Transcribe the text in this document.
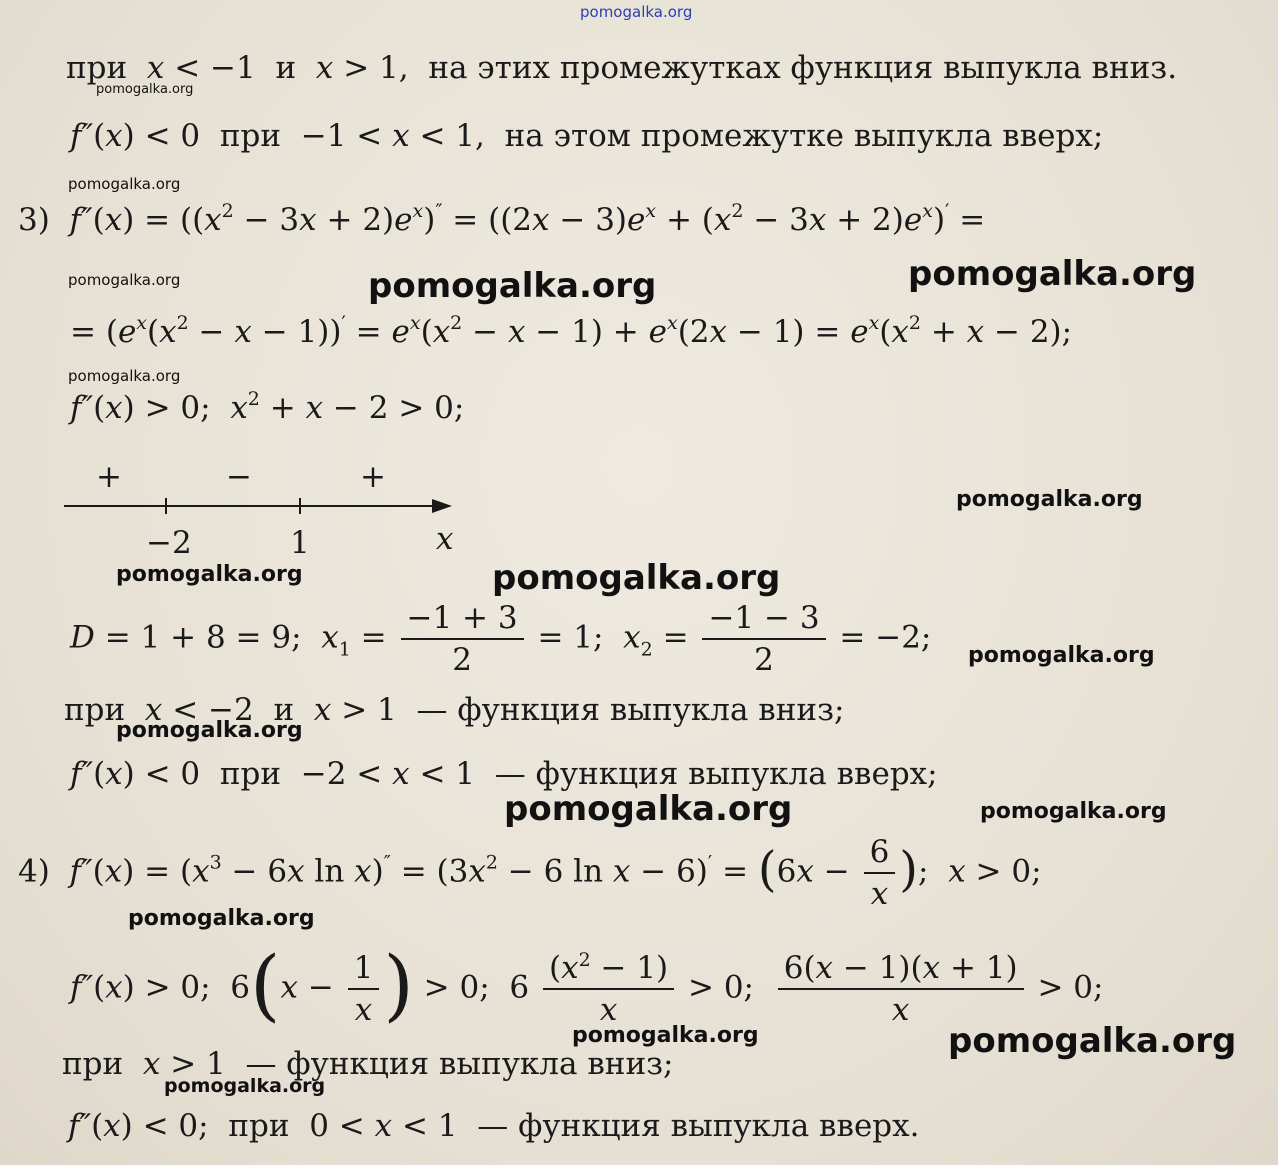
pomogalka.org
при x < −1  и x > 1,  на этих промежутках функция выпукла вниз.
f″(x) < 0  при  −1 < x < 1,  на этом промежутке выпукла вверх;
3) $f''(x) = ((x^2 - 3x + 2)e^x)'' = ((2x - 3)e^x + (x^2 - 3x + 2)e^x)'$ =
= $(e^x(x^2 - x - 1))' = e^x(x^2 - x - 1) + e^x(2x - 1) = e^x(x^2 + x - 2)$;
f″(x) > 0;  $x^2 + x - 2 > 0$;
+	−	+
−2	1	x
D = 1 + 8 = 9;  $x_1 = \frac{-1 + 3}{2} = 1$;  $x_2 = \frac{-1 - 3}{2} = -2$;
при x < −2  и x > 1  — функция выпукла вниз;
f″(x) < 0  при  −2 < x < 1  — функция выпукла вверх;
4) $f''(x) = (x^3 - 6x$ $\ln x)'' = (3x^2 - 6$ $\ln x - 6)' = (6x - \frac{6}{x}$ );  x > 0;
f″(x) > 0;  $6(x - \frac{1}{x}$ ) > 0;  $6 \frac{(x^2 - 1)}{x} > 0$; $\frac{6(x - 1)(x + 1)}{x} > 0$;
при x > 1  — функция выпукла вниз;
f″(x) < 0;  при  0 < x < 1  — функция выпукла вверх.
pomogalka.org
pomogalka.org
pomogalka.org	pomogalka.org	pomogalka.org
pomogalka.org
pomogalka.org
pomogalka.org	pomogalka.org
pomogalka.org
pomogalka.org
pomogalka.org	pomogalka.org
pomogalka.org
pomogalka.org	pomogalka.org
pomogalka.org
